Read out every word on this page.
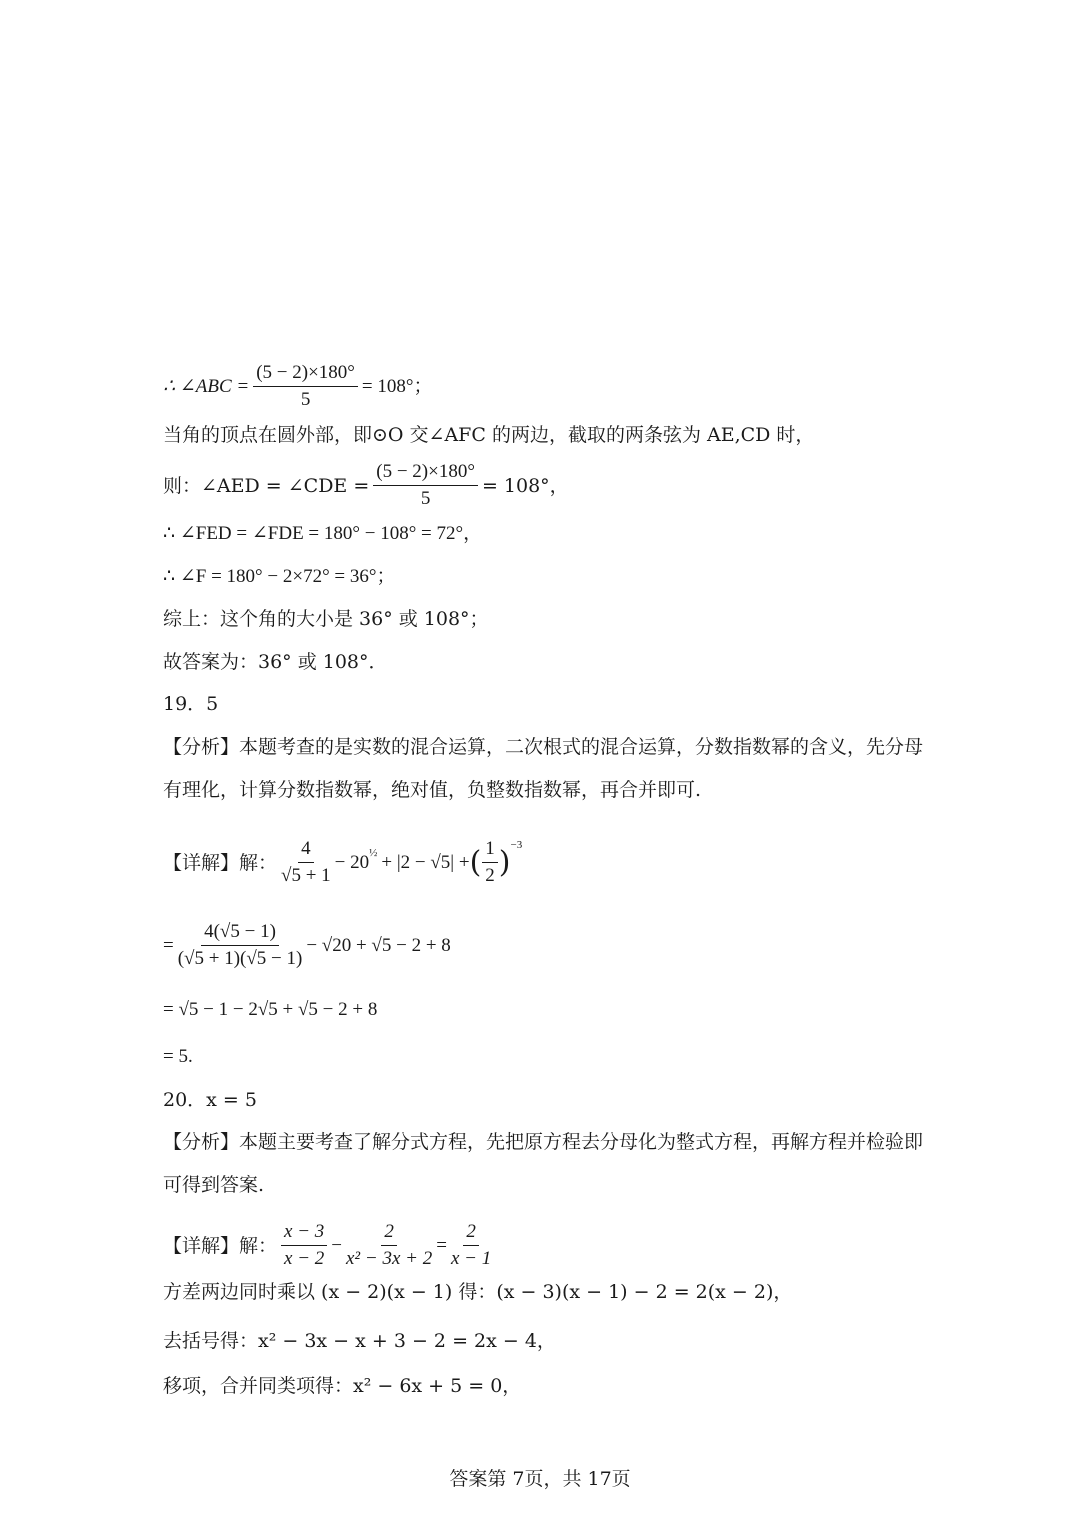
∴ ∠ABC = $\frac{(5 - 2)\times 180^\circ}{5} = 108^\circ$；
当角的顶点在圆外部，即⊙O 交∠AFC 的两边，截取的两条弦为 AE,CD 时，
则：∠AED = ∠CDE = $\frac{(5 - 2)\times 180^\circ}{5} = 108^\circ$，
∴ ∠FED = ∠FDE = 180° − 108° = 72°，
∴ ∠F = 180° − 2×72° = 36°；
综上：这个角的大小是 36° 或 108°；
故答案为：36° 或 108°．
19．5
【分析】本题考查的是实数的混合运算，二次根式的混合运算，分数指数幂的含义，先分母
有理化，计算分数指数幂，绝对值，负整数指数幂，再合并即可.
【详解】解： $\frac{4}{√5 + 1} - 20$ ½ + |2 − √5| + ( $\frac{1}{2}$ ) −3
= $\frac{4(√5 - 1)}{(√5 + 1)(√5 - 1)} - √20 + √5 - 2 + 8$
= √5 − 1 − 2√5 + √5 − 2 + 8
= 5.
20．x = 5
【分析】本题主要考查了解分式方程，先把原方程去分母化为整式方程，再解方程并检验即
可得到答案.
【详解】解： $\frac{x - 3}{x - 2} - \frac{2}{\text{x² − 3x + 2}} = \frac{2}{x - 1}$
方差两边同时乘以 (x − 2)(x − 1) 得：(x − 3)(x − 1) − 2 = 2(x − 2)，
去括号得：x² − 3x − x + 3 − 2 = 2x − 4，
移项，合并同类项得：x² − 6x + 5 = 0，
答案第 7页，共 17页
